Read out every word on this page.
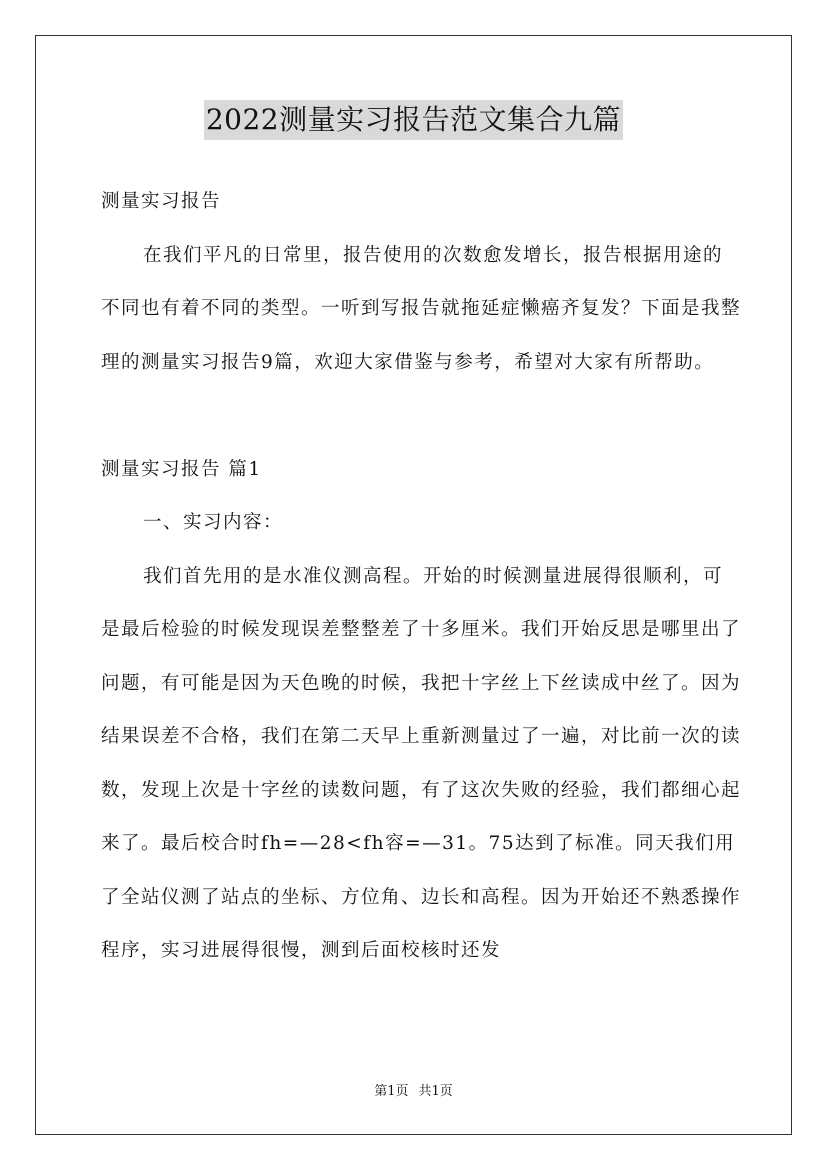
2022测量实习报告范文集合九篇

测量实习报告

在我们平凡的日常里，报告使用的次数愈发增长，报告根据用途的不同也有着不同的类型。一听到写报告就拖延症懒癌齐复发？下面是我整理的测量实习报告9篇，欢迎大家借鉴与参考，希望对大家有所帮助。

测量实习报告 篇1

一、实习内容：

我们首先用的是水准仪测高程。开始的时候测量进展得很顺利，可是最后检验的时候发现误差整整差了十多厘米。我们开始反思是哪里出了问题，有可能是因为天色晚的时候，我把十字丝上下丝读成中丝了。因为结果误差不合格，我们在第二天早上重新测量过了一遍，对比前一次的读数，发现上次是十字丝的读数问题，有了这次失败的经验，我们都细心起来了。最后校合时fh=—28<fh容=—31。75达到了标准。同天我们用了全站仪测了站点的坐标、方位角、边长和高程。因为开始还不熟悉操作程序，实习进展得很慢，测到后面校核时还发

第1页 共1页
